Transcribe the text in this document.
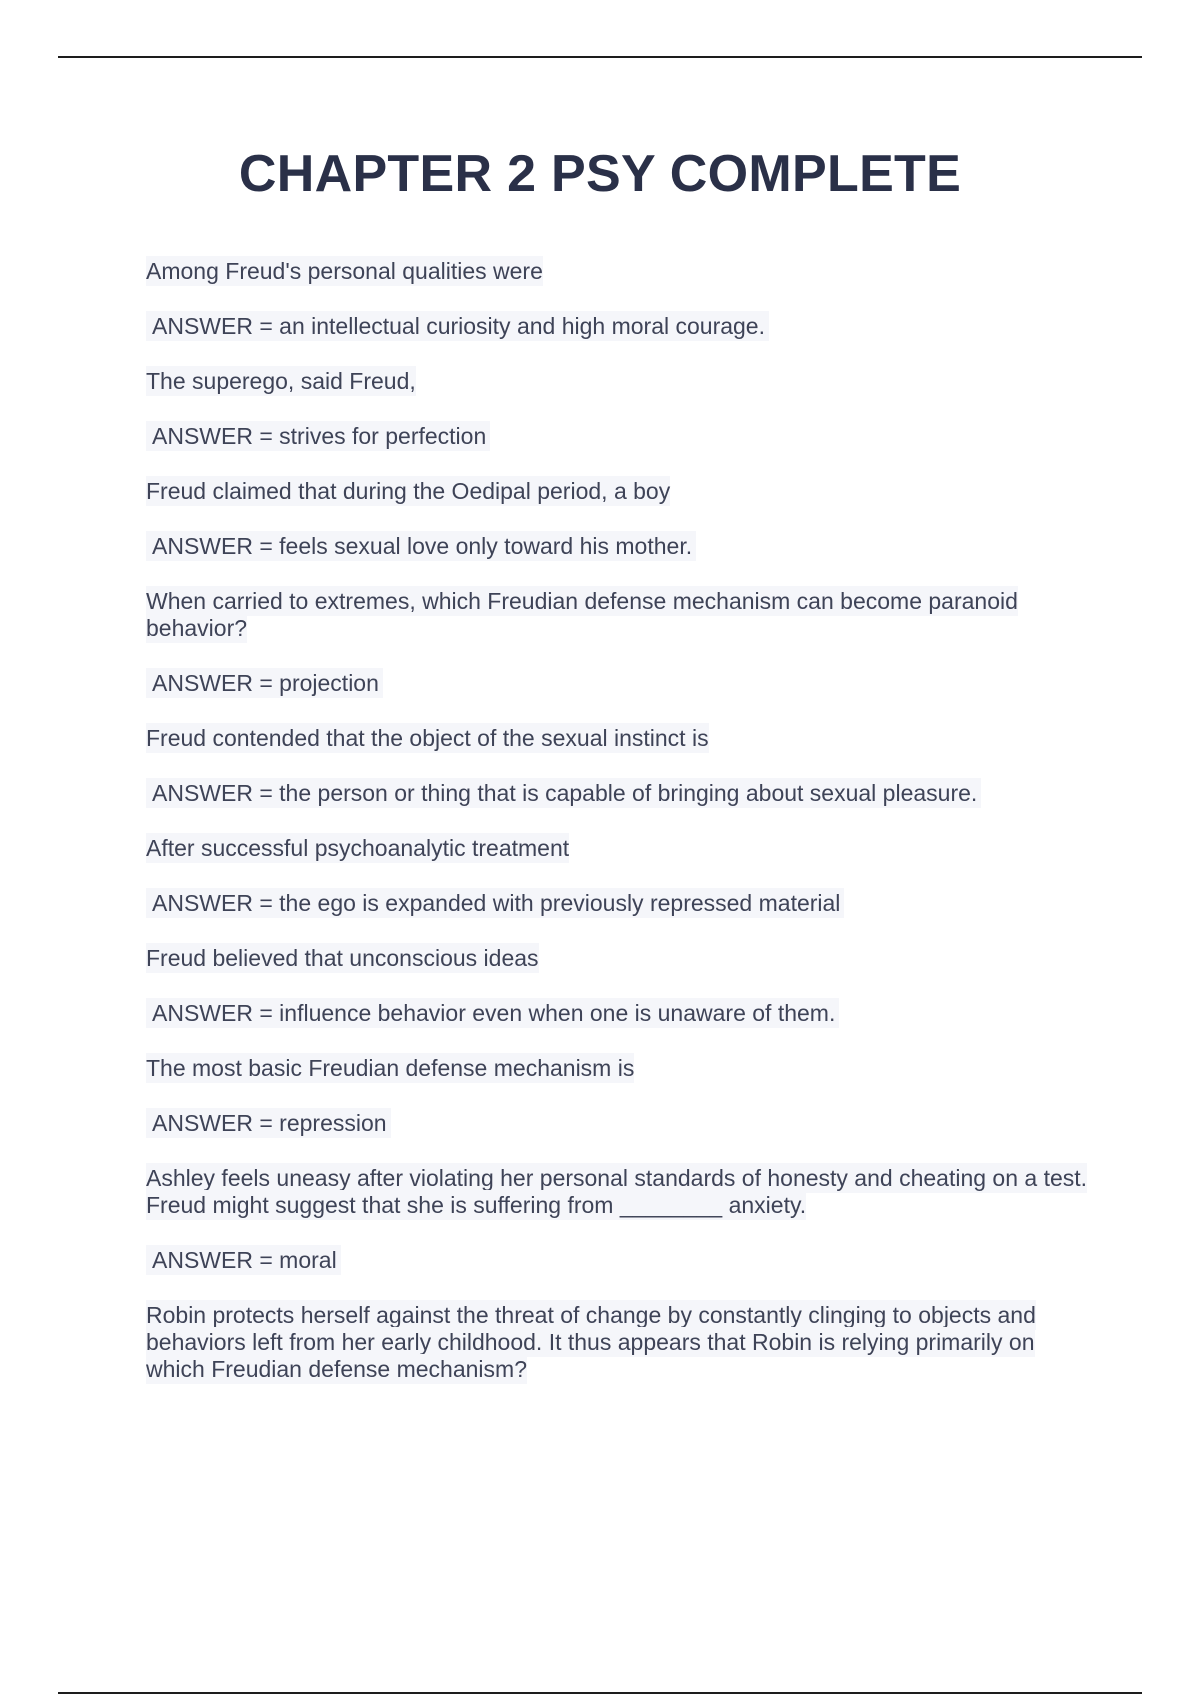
CHAPTER 2 PSY COMPLETE
Among Freud's personal qualities were
ANSWER = an intellectual curiosity and high moral courage.
The superego, said Freud,
ANSWER = strives for perfection
Freud claimed that during the Oedipal period, a boy
ANSWER = feels sexual love only toward his mother.
When carried to extremes, which Freudian defense mechanism can become paranoid behavior?
ANSWER = projection
Freud contended that the object of the sexual instinct is
ANSWER = the person or thing that is capable of bringing about sexual pleasure.
After successful psychoanalytic treatment
ANSWER = the ego is expanded with previously repressed material
Freud believed that unconscious ideas
ANSWER = influence behavior even when one is unaware of them.
The most basic Freudian defense mechanism is
ANSWER = repression
Ashley feels uneasy after violating her personal standards of honesty and cheating on a test. Freud might suggest that she is suffering from ________ anxiety.
ANSWER = moral
Robin protects herself against the threat of change by constantly clinging to objects and behaviors left from her early childhood. It thus appears that Robin is relying primarily on which Freudian defense mechanism?
